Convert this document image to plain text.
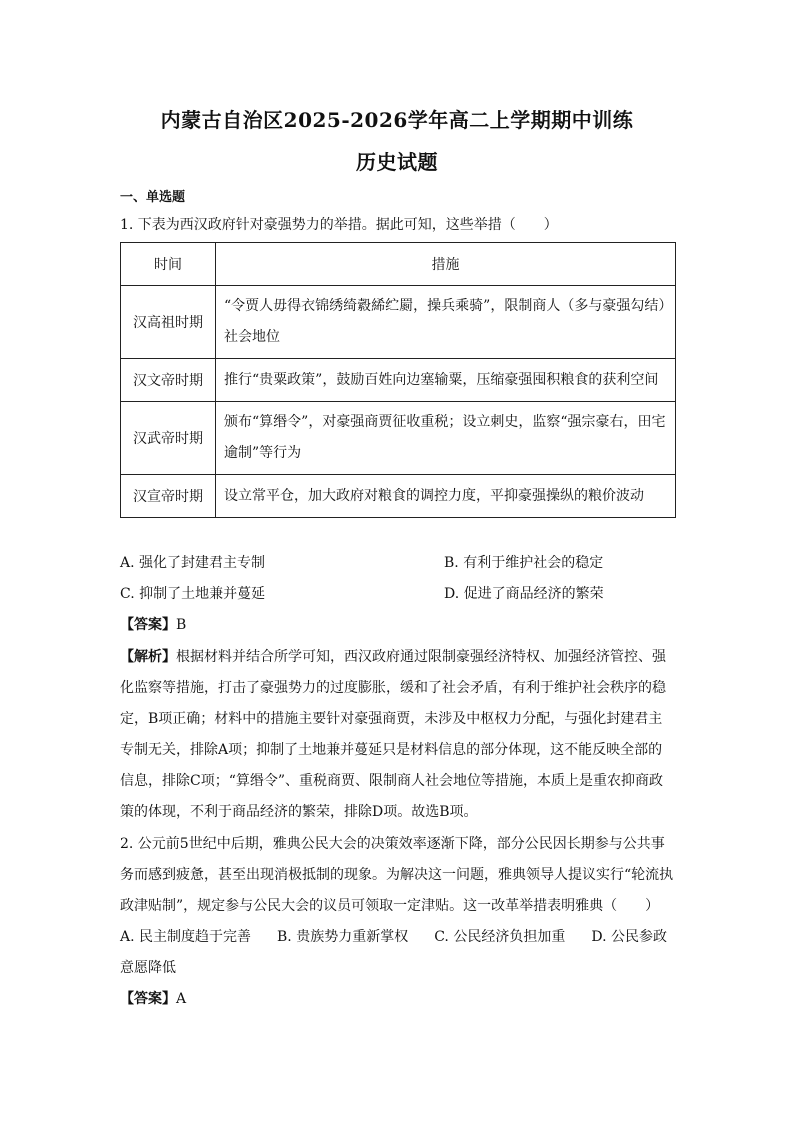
内蒙古自治区2025-2026学年高二上学期期中训练
历史试题
一、单选题
1. 下表为西汉政府针对豪强势力的举措。据此可知，这些举措（　　）
时间	措施
汉高祖时期	“令贾人毋得衣锦绣绮縠絺纻罽，操兵乘骑”，限制商人（多与豪强勾结）社会地位
汉文帝时期	推行“贵粟政策”，鼓励百姓向边塞输粟，压缩豪强囤积粮食的获利空间
汉武帝时期	颁布“算缗令”，对豪强商贾征收重税；设立刺史，监察“强宗豪右，田宅逾制”等行为
汉宣帝时期	设立常平仓，加大政府对粮食的调控力度，平抑豪强操纵的粮价波动
A. 强化了封建君主专制	B. 有利于维护社会的稳定
C. 抑制了土地兼并蔓延	D. 促进了商品经济的繁荣
【答案】B
【解析】根据材料并结合所学可知，西汉政府通过限制豪强经济特权、加强经济管控、强化监察等措施，打击了豪强势力的过度膨胀，缓和了社会矛盾，有利于维护社会秩序的稳定，B项正确；材料中的措施主要针对豪强商贾，未涉及中枢权力分配，与强化封建君主专制无关，排除A项；抑制了土地兼并蔓延只是材料信息的部分体现，这不能反映全部的信息，排除C项；“算缗令”、重税商贾、限制商人社会地位等措施，本质上是重农抑商政策的体现，不利于商品经济的繁荣，排除D项。故选B项。
2. 公元前5世纪中后期，雅典公民大会的决策效率逐渐下降，部分公民因长期参与公共事务而感到疲惫，甚至出现消极抵制的现象。为解决这一问题，雅典领导人提议实行“轮流执政津贴制”，规定参与公民大会的议员可领取一定津贴。这一改革举措表明雅典（　　）
A. 民主制度趋于完善 B. 贵族势力重新掌权 C. 公民经济负担加重 D. 公民参政意愿降低
【答案】A
